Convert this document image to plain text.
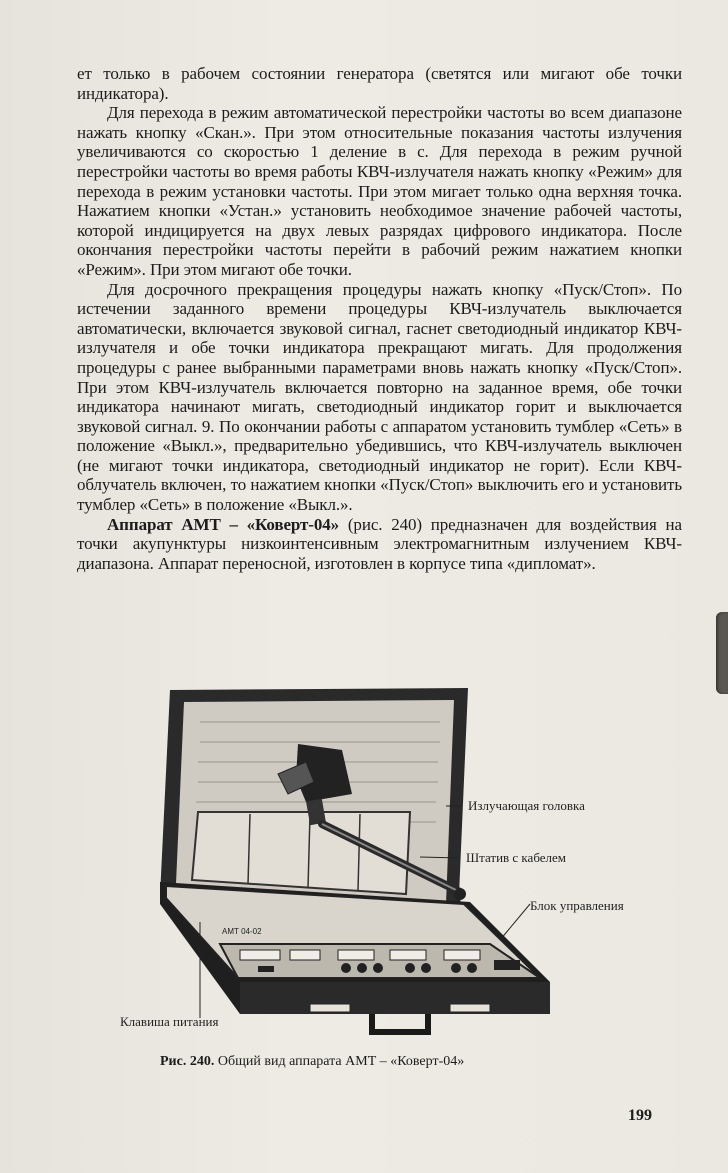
ет только в рабочем состоянии генератора (светятся или мигают обе точки индикатора).

Для перехода в режим автоматической перестройки частоты во всем диапазоне нажать кнопку «Скан.». При этом относительные показания частоты излучения увеличиваются со скоростью 1 деление в с. Для перехода в режим ручной перестройки частоты во время работы КВЧ-излучателя нажать кнопку «Режим» для перехода в режим установки частоты. При этом мигает только одна верхняя точка. Нажатием кнопки «Устан.» установить необходимое значение рабочей частоты, которой индицируется на двух левых разрядах цифрового индикатора. После окончания перестройки частоты перейти в рабочий режим нажатием кнопки «Режим». При этом мигают обе точки.

Для досрочного прекращения процедуры нажать кнопку «Пуск/Стоп». По истечении заданного времени процедуры КВЧ-излучатель выключается автоматически, включается звуковой сигнал, гаснет светодиодный индикатор КВЧ-излучателя и обе точки индикатора прекращают мигать. Для продолжения процедуры с ранее выбранными параметрами вновь нажать кнопку «Пуск/Стоп». При этом КВЧ-излучатель включается повторно на заданное время, обе точки индикатора начинают мигать, светодиодный индикатор горит и выключается звуковой сигнал. 9. По окончании работы с аппаратом установить тумблер «Сеть» в положение «Выкл.», предварительно убедившись, что КВЧ-излучатель выключен (не мигают точки индикатора, светодиодный индикатор не горит). Если КВЧ-облучатель включен, то нажатием кнопки «Пуск/Стоп» выключить его и установить тумблер «Сеть» в положение «Выкл.».

Аппарат АМТ – «Коверт-04» (рис. 240) предназначен для воздействия на точки акупунктуры низкоинтенсивным электромагнитным излучением КВЧ-диапазона. Аппарат переносной, изготовлен в корпусе типа «дипломат».

АМТ 04-02
Излучающая головка
Штатив с кабелем
Блок управления
Клавиша питания
Рис. 240. Общий вид аппарата АМТ – «Коверт-04»
199
